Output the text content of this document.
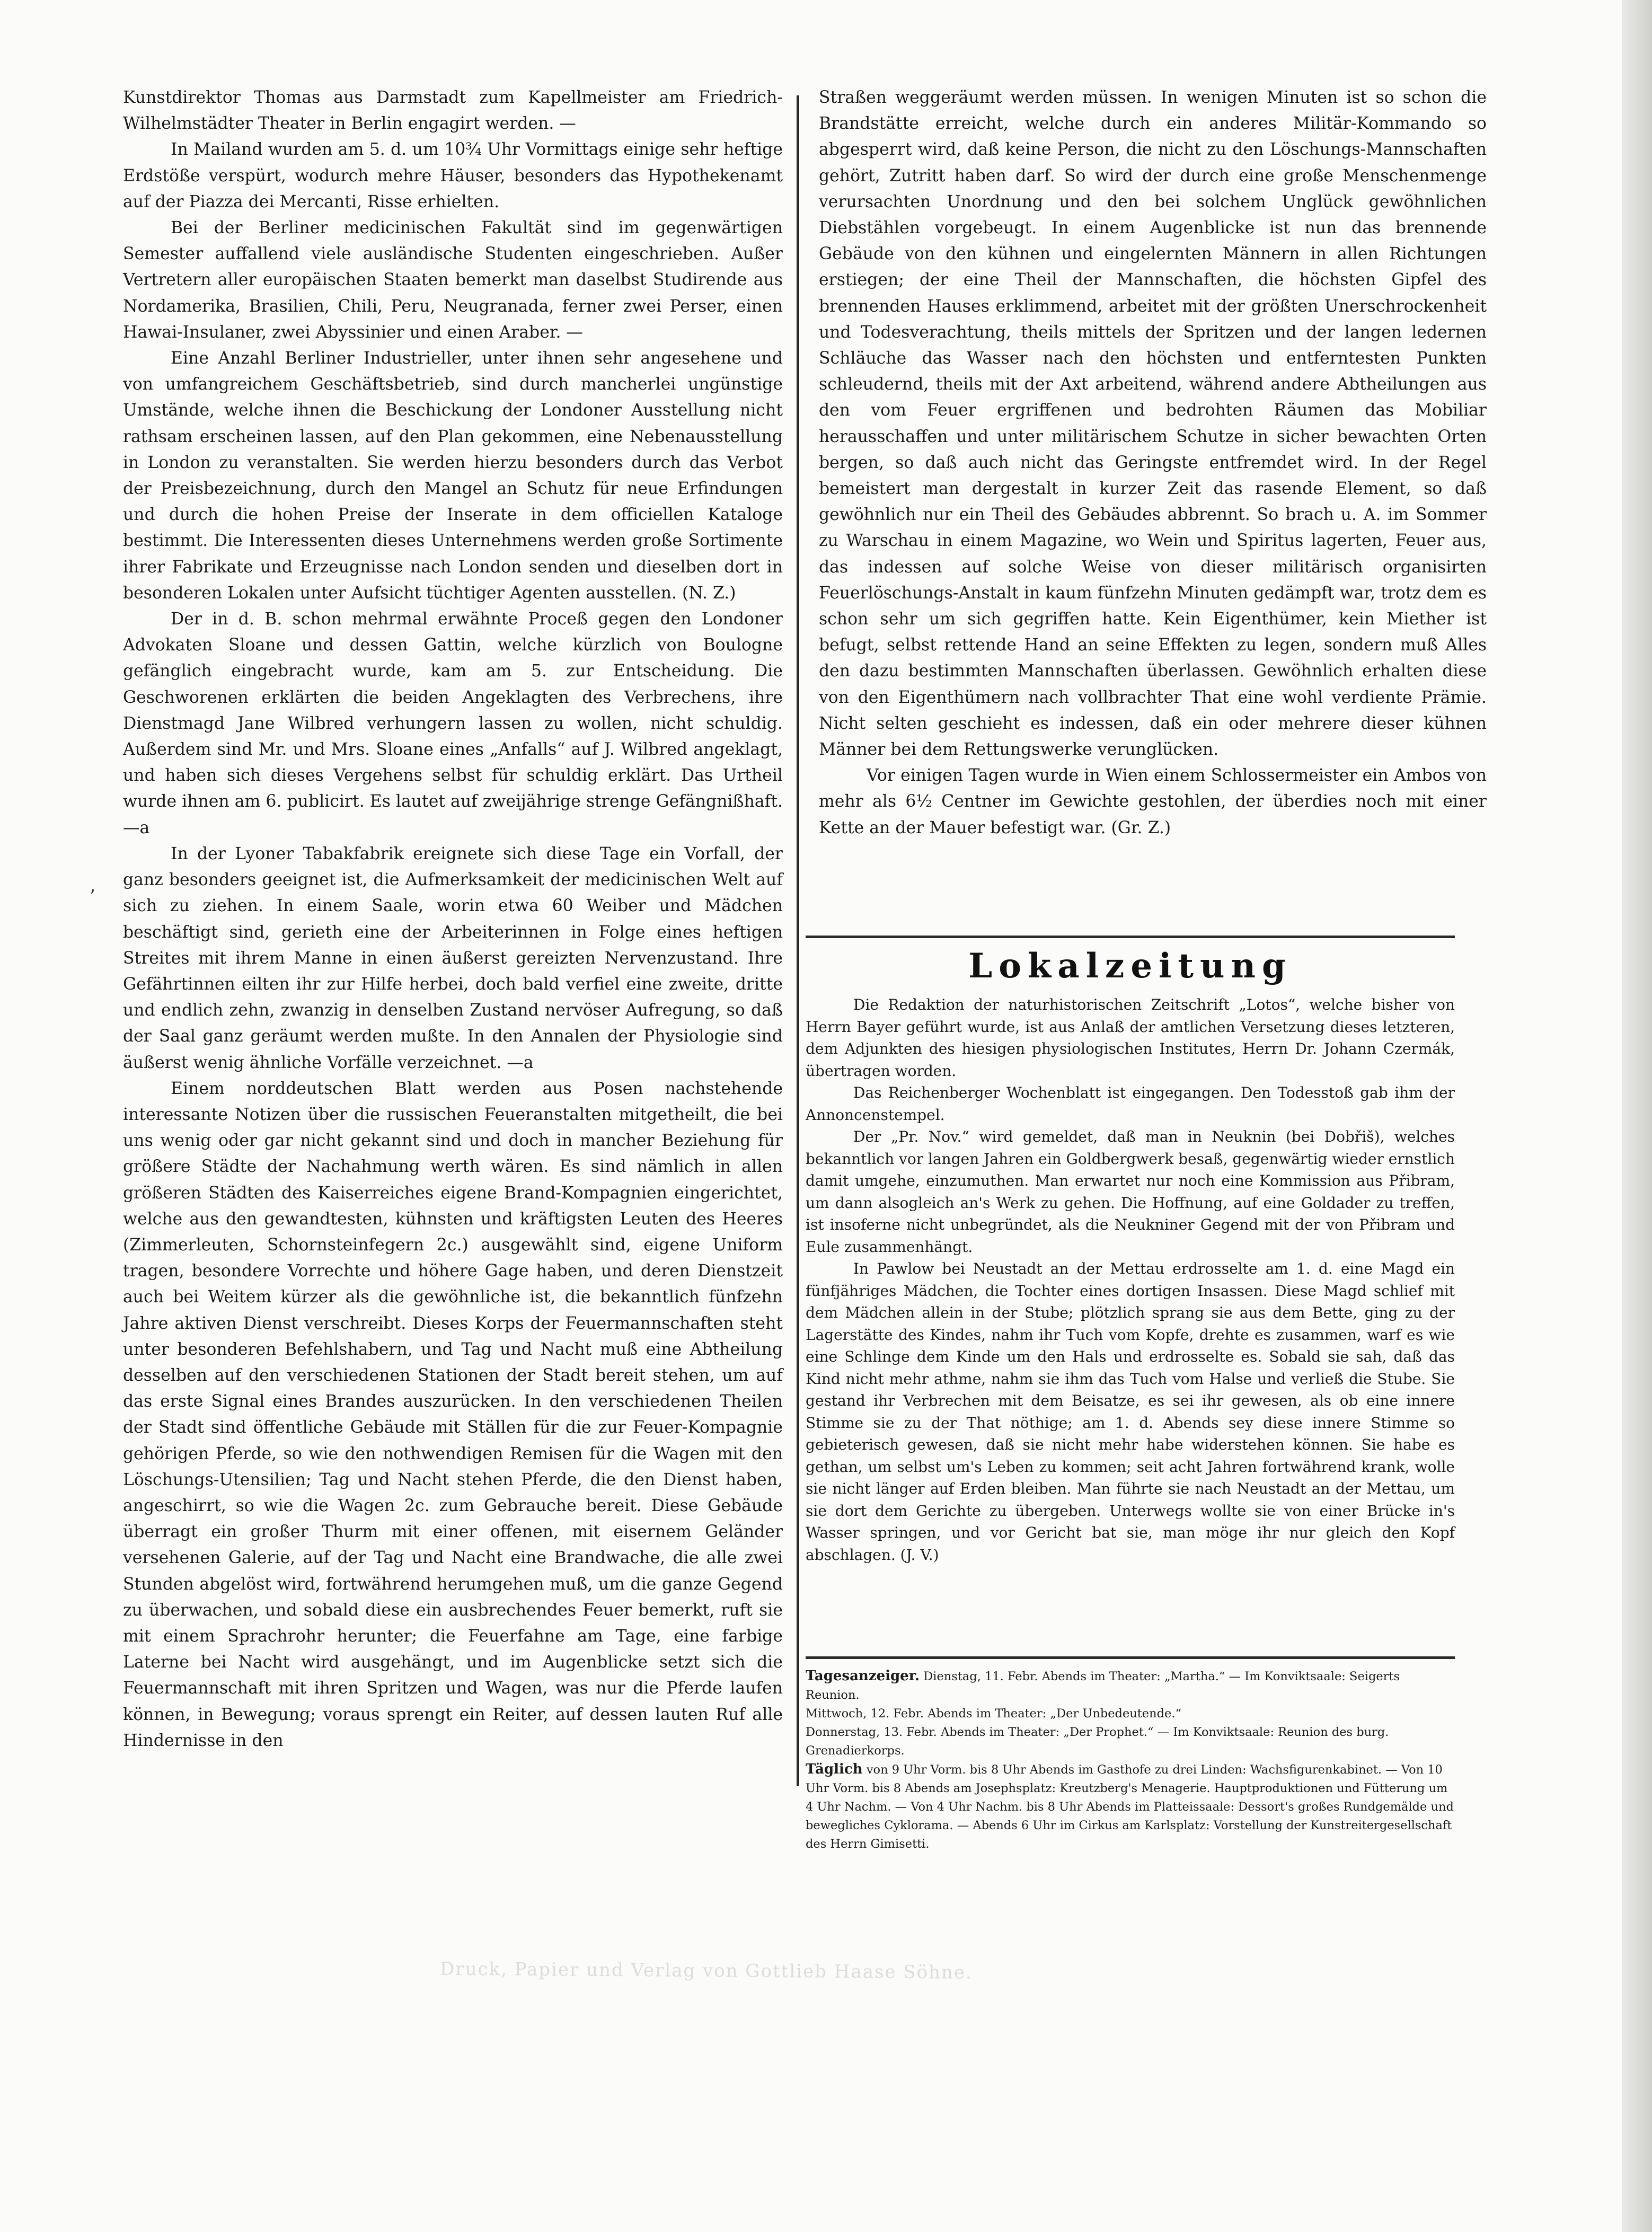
Kunstdirektor Thomas aus Darmstadt zum Kapellmeister am Friedrich-Wilhelmstädter Theater in Berlin engagirt werden. —

In Mailand wurden am 5. d. um 10¾ Uhr Vormittags einige sehr heftige Erdstöße verspürt, wodurch mehre Häuser, besonders das Hypothekenamt auf der Piazza dei Mercanti, Risse erhielten.

Bei der Berliner medicinischen Fakultät sind im gegenwärtigen Semester auffallend viele ausländische Studenten eingeschrieben. Außer Vertretern aller europäischen Staaten bemerkt man daselbst Studirende aus Nordamerika, Brasilien, Chili, Peru, Neugranada, ferner zwei Perser, einen Hawai-Insulaner, zwei Abyssinier und einen Araber. —

Eine Anzahl Berliner Industrieller, unter ihnen sehr angesehene und von umfangreichem Geschäftsbetrieb, sind durch mancherlei ungünstige Umstände, welche ihnen die Beschickung der Londoner Ausstellung nicht rathsam erscheinen lassen, auf den Plan gekommen, eine Nebenausstellung in London zu veranstalten. Sie werden hierzu besonders durch das Verbot der Preisbezeichnung, durch den Mangel an Schutz für neue Erfindungen und durch die hohen Preise der Inserate in dem officiellen Kataloge bestimmt. Die Interessenten dieses Unternehmens werden große Sortimente ihrer Fabrikate und Erzeugnisse nach London senden und dieselben dort in besonderen Lokalen unter Aufsicht tüchtiger Agenten ausstellen. (N. Z.)

Der in d. B. schon mehrmal erwähnte Proceß gegen den Londoner Advokaten Sloane und dessen Gattin, welche kürzlich von Boulogne gefänglich eingebracht wurde, kam am 5. zur Entscheidung. Die Geschworenen erklärten die beiden Angeklagten des Verbrechens, ihre Dienstmagd Jane Wilbred verhungern lassen zu wollen, nicht schuldig. Außerdem sind Mr. und Mrs. Sloane eines „Anfalls“ auf J. Wilbred angeklagt, und haben sich dieses Vergehens selbst für schuldig erklärt. Das Urtheil wurde ihnen am 6. publicirt. Es lautet auf zweijährige strenge Gefängnißhaft. —a

In der Lyoner Tabakfabrik ereignete sich diese Tage ein Vorfall, der ganz besonders geeignet ist, die Aufmerksamkeit der medicinischen Welt auf sich zu ziehen. In einem Saale, worin etwa 60 Weiber und Mädchen beschäftigt sind, gerieth eine der Arbeiterinnen in Folge eines heftigen Streites mit ihrem Manne in einen äußerst gereizten Nervenzustand. Ihre Gefährtinnen eilten ihr zur Hilfe herbei, doch bald verfiel eine zweite, dritte und endlich zehn, zwanzig in denselben Zustand nervöser Aufregung, so daß der Saal ganz geräumt werden mußte. In den Annalen der Physiologie sind äußerst wenig ähnliche Vorfälle verzeichnet. —a

Einem norddeutschen Blatt werden aus Posen nachstehende interessante Notizen über die russischen Feueranstalten mitgetheilt, die bei uns wenig oder gar nicht gekannt sind und doch in mancher Beziehung für größere Städte der Nachahmung werth wären. Es sind nämlich in allen größeren Städten des Kaiserreiches eigene Brand-Kompagnien eingerichtet, welche aus den gewandtesten, kühnsten und kräftigsten Leuten des Heeres (Zimmerleuten, Schornsteinfegern 2c.) ausgewählt sind, eigene Uniform tragen, besondere Vorrechte und höhere Gage haben, und deren Dienstzeit auch bei Weitem kürzer als die gewöhnliche ist, die bekanntlich fünfzehn Jahre aktiven Dienst verschreibt. Dieses Korps der Feuermannschaften steht unter besonderen Befehlshabern, und Tag und Nacht muß eine Abtheilung desselben auf den verschiedenen Stationen der Stadt bereit stehen, um auf das erste Signal eines Brandes auszurücken. In den verschiedenen Theilen der Stadt sind öffentliche Gebäude mit Ställen für die zur Feuer-Kompagnie gehörigen Pferde, so wie den nothwendigen Remisen für die Wagen mit den Löschungs-Utensilien; Tag und Nacht stehen Pferde, die den Dienst haben, angeschirrt, so wie die Wagen 2c. zum Gebrauche bereit. Diese Gebäude überragt ein großer Thurm mit einer offenen, mit eisernem Geländer versehenen Galerie, auf der Tag und Nacht eine Brandwache, die alle zwei Stunden abgelöst wird, fortwährend herumgehen muß, um die ganze Gegend zu überwachen, und sobald diese ein ausbrechendes Feuer bemerkt, ruft sie mit einem Sprachrohr herunter; die Feuerfahne am Tage, eine farbige Laterne bei Nacht wird ausgehängt, und im Augenblicke setzt sich die Feuermannschaft mit ihren Spritzen und Wagen, was nur die Pferde laufen können, in Bewegung; voraus sprengt ein Reiter, auf dessen lauten Ruf alle Hindernisse in den

ʼ

Straßen weggeräumt werden müssen. In wenigen Minuten ist so schon die Brandstätte erreicht, welche durch ein anderes Militär-Kommando so abgesperrt wird, daß keine Person, die nicht zu den Löschungs-Mannschaften gehört, Zutritt haben darf. So wird der durch eine große Menschenmenge verursachten Unordnung und den bei solchem Unglück gewöhnlichen Diebstählen vorgebeugt. In einem Augenblicke ist nun das brennende Gebäude von den kühnen und eingelernten Männern in allen Richtungen erstiegen; der eine Theil der Mannschaften, die höchsten Gipfel des brennenden Hauses erklimmend, arbeitet mit der größten Unerschrockenheit und Todesverachtung, theils mittels der Spritzen und der langen ledernen Schläuche das Wasser nach den höchsten und entferntesten Punkten schleudernd, theils mit der Axt arbeitend, während andere Abtheilungen aus den vom Feuer ergriffenen und bedrohten Räumen das Mobiliar herausschaffen und unter militärischem Schutze in sicher bewachten Orten bergen, so daß auch nicht das Geringste entfremdet wird. In der Regel bemeistert man dergestalt in kurzer Zeit das rasende Element, so daß gewöhnlich nur ein Theil des Gebäudes abbrennt. So brach u. A. im Sommer zu Warschau in einem Magazine, wo Wein und Spiritus lagerten, Feuer aus, das indessen auf solche Weise von dieser militärisch organisirten Feuerlöschungs-Anstalt in kaum fünfzehn Minuten gedämpft war, trotz dem es schon sehr um sich gegriffen hatte. Kein Eigenthümer, kein Miether ist befugt, selbst rettende Hand an seine Effekten zu legen, sondern muß Alles den dazu bestimmten Mannschaften überlassen. Gewöhnlich erhalten diese von den Eigenthümern nach vollbrachter That eine wohl verdiente Prämie. Nicht selten geschieht es indessen, daß ein oder mehrere dieser kühnen Männer bei dem Rettungswerke verunglücken.

Vor einigen Tagen wurde in Wien einem Schlossermeister ein Ambos von mehr als 6½ Centner im Gewichte gestohlen, der überdies noch mit einer Kette an der Mauer befestigt war. (Gr. Z.)

Lokalzeitung

Die Redaktion der naturhistorischen Zeitschrift „Lotos“, welche bisher von Herrn Bayer geführt wurde, ist aus Anlaß der amtlichen Versetzung dieses letzteren, dem Adjunkten des hiesigen physiologischen Institutes, Herrn Dr. Johann Czermák, übertragen worden.

Das Reichenberger Wochenblatt ist eingegangen. Den Todesstoß gab ihm der Annoncenstempel.

Der „Pr. Nov.“ wird gemeldet, daß man in Neuknin (bei Dobřiš), welches bekanntlich vor langen Jahren ein Goldbergwerk besaß, gegenwärtig wieder ernstlich damit umgehe, einzumuthen. Man erwartet nur noch eine Kommission aus Přibram, um dann alsogleich an's Werk zu gehen. Die Hoffnung, auf eine Goldader zu treffen, ist insoferne nicht unbegründet, als die Neukniner Gegend mit der von Přibram und Eule zusammenhängt.

In Pawlow bei Neustadt an der Mettau erdrosselte am 1. d. eine Magd ein fünfjähriges Mädchen, die Tochter eines dortigen Insassen. Diese Magd schlief mit dem Mädchen allein in der Stube; plötzlich sprang sie aus dem Bette, ging zu der Lagerstätte des Kindes, nahm ihr Tuch vom Kopfe, drehte es zusammen, warf es wie eine Schlinge dem Kinde um den Hals und erdrosselte es. Sobald sie sah, daß das Kind nicht mehr athme, nahm sie ihm das Tuch vom Halse und verließ die Stube. Sie gestand ihr Verbrechen mit dem Beisatze, es sei ihr gewesen, als ob eine innere Stimme sie zu der That nöthige; am 1. d. Abends sey diese innere Stimme so gebieterisch gewesen, daß sie nicht mehr habe widerstehen können. Sie habe es gethan, um selbst um's Leben zu kommen; seit acht Jahren fortwährend krank, wolle sie nicht länger auf Erden bleiben. Man führte sie nach Neustadt an der Mettau, um sie dort dem Gerichte zu übergeben. Unterwegs wollte sie von einer Brücke in's Wasser springen, und vor Gericht bat sie, man möge ihr nur gleich den Kopf abschlagen. (J. V.)

Tagesanzeiger. Dienstag, 11. Febr. Abends im Theater: „Martha.“ — Im Konviktsaale: Seigerts Reunion.

Mittwoch, 12. Febr. Abends im Theater: „Der Unbedeutende.“

Donnerstag, 13. Febr. Abends im Theater: „Der Prophet.“ — Im Konviktsaale: Reunion des burg. Grenadierkorps.

Täglich von 9 Uhr Vorm. bis 8 Uhr Abends im Gasthofe zu drei Linden: Wachsfigurenkabinet. — Von 10 Uhr Vorm. bis 8 Abends am Josephsplatz: Kreutzberg's Menagerie. Hauptproduktionen und Fütterung um 4 Uhr Nachm. — Von 4 Uhr Nachm. bis 8 Uhr Abends im Platteissaale: Dessort's großes Rundgemälde und bewegliches Cyklorama. — Abends 6 Uhr im Cirkus am Karlsplatz: Vorstellung der Kunstreitergesellschaft des Herrn Gimisetti.

Druck, Papier und Verlag von Gottlieb Haase Söhne.
